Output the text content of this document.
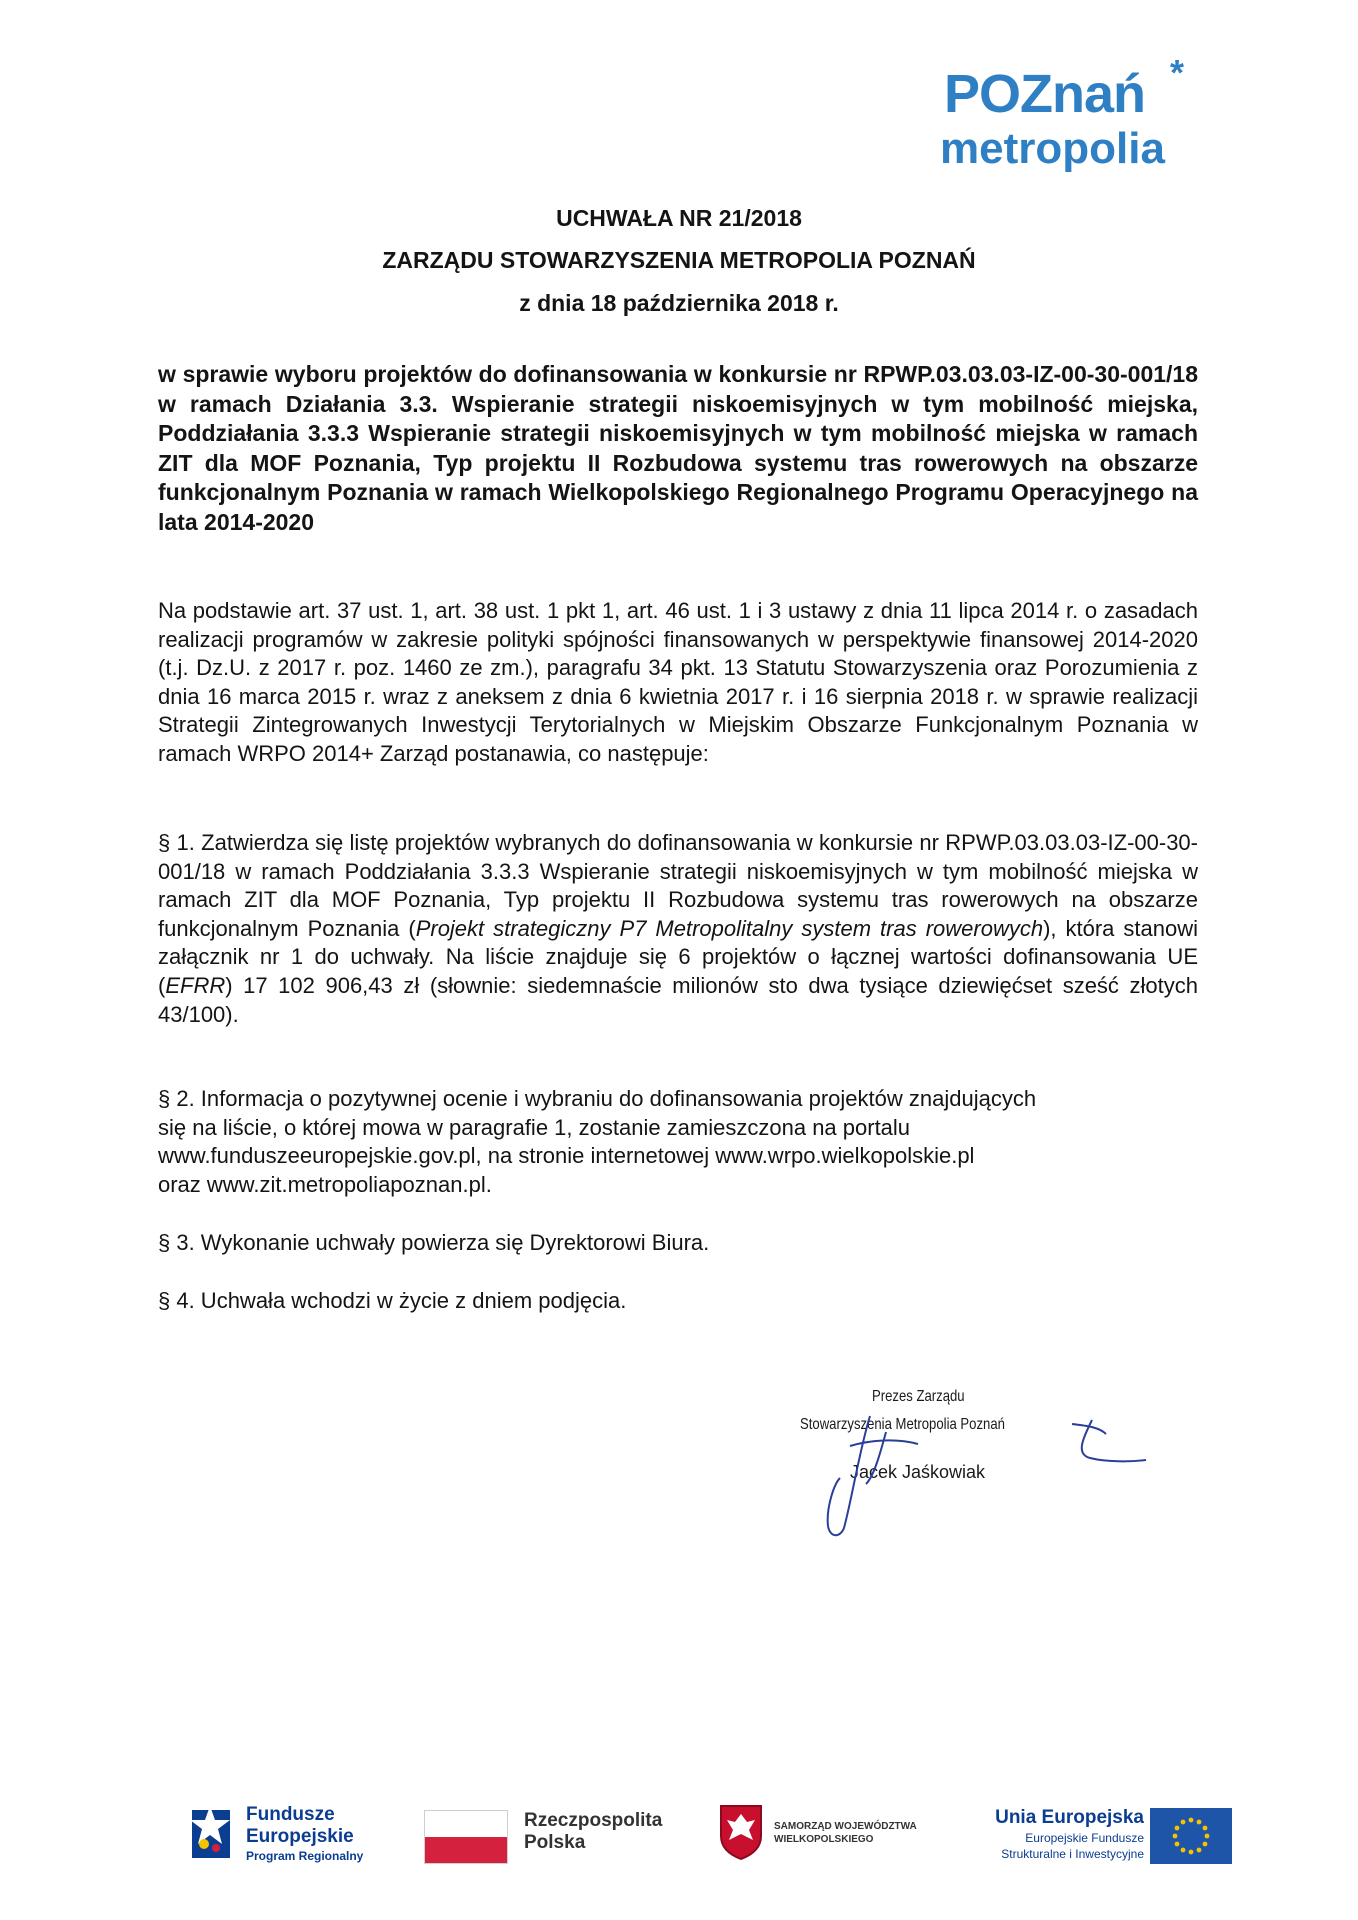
POZnań *
metropolia
UCHWAŁA NR 21/2018
ZARZĄDU STOWARZYSZENIA METROPOLIA POZNAŃ
z dnia 18 października 2018 r.
w sprawie wyboru projektów do dofinansowania w konkursie nr RPWP.03.03.03-IZ-00-30-001/18 w ramach Działania 3.3. Wspieranie strategii niskoemisyjnych w tym mobilność miejska, Poddziałania 3.3.3 Wspieranie strategii niskoemisyjnych w tym mobilność miejska w ramach ZIT dla MOF Poznania, Typ projektu II Rozbudowa systemu tras rowerowych na obszarze funkcjonalnym Poznania w ramach Wielkopolskiego Regionalnego Programu Operacyjnego na lata 2014-2020
Na podstawie art. 37 ust. 1, art. 38 ust. 1 pkt 1, art. 46 ust. 1 i 3 ustawy z dnia 11 lipca 2014 r. o zasadach realizacji programów w zakresie polityki spójności finansowanych w perspektywie finansowej 2014-2020 (t.j. Dz.U. z 2017 r. poz. 1460 ze zm.), paragrafu 34 pkt. 13 Statutu Stowarzyszenia oraz Porozumienia z dnia 16 marca 2015 r. wraz z aneksem z dnia 6 kwietnia 2017 r. i 16 sierpnia 2018 r. w sprawie realizacji Strategii Zintegrowanych Inwestycji Terytorialnych w Miejskim Obszarze Funkcjonalnym Poznania w ramach WRPO 2014+ Zarząd postanawia, co następuje:
§ 1. Zatwierdza się listę projektów wybranych do dofinansowania w konkursie nr RPWP.03.03.03-IZ-00-30-001/18 w ramach Poddziałania 3.3.3 Wspieranie strategii niskoemisyjnych w tym mobilność miejska w ramach ZIT dla MOF Poznania, Typ projektu II Rozbudowa systemu tras rowerowych na obszarze funkcjonalnym Poznania (Projekt strategiczny P7 Metropolitalny system tras rowerowych), która stanowi załącznik nr 1 do uchwały. Na liście znajduje się 6 projektów o łącznej wartości dofinansowania UE (EFRR) 17 102 906,43 zł (słownie: siedemnaście milionów sto dwa tysiące dziewięćset sześć złotych 43/100).
§ 2. Informacja o pozytywnej ocenie i wybraniu do dofinansowania projektów znajdujących
się na liście, o której mowa w paragrafie 1, zostanie zamieszczona na portalu
www.funduszeeuropejskie.gov.pl, na stronie internetowej www.wrpo.wielkopolskie.pl
oraz www.zit.metropoliapoznan.pl.
§ 3. Wykonanie uchwały powierza się Dyrektorowi Biura.
§ 4. Uchwała wchodzi w życie z dniem podjęcia.
Prezes Zarządu
Stowarzyszenia Metropolia Poznań
Jacek Jaśkowiak
Fundusze
Europejskie
Program Regionalny
Rzeczpospolita
Polska
SAMORZĄD WOJEWÓDZTWA
WIELKOPOLSKIEGO
Unia Europejska
Europejskie Fundusze
Strukturalne i Inwestycyjne
